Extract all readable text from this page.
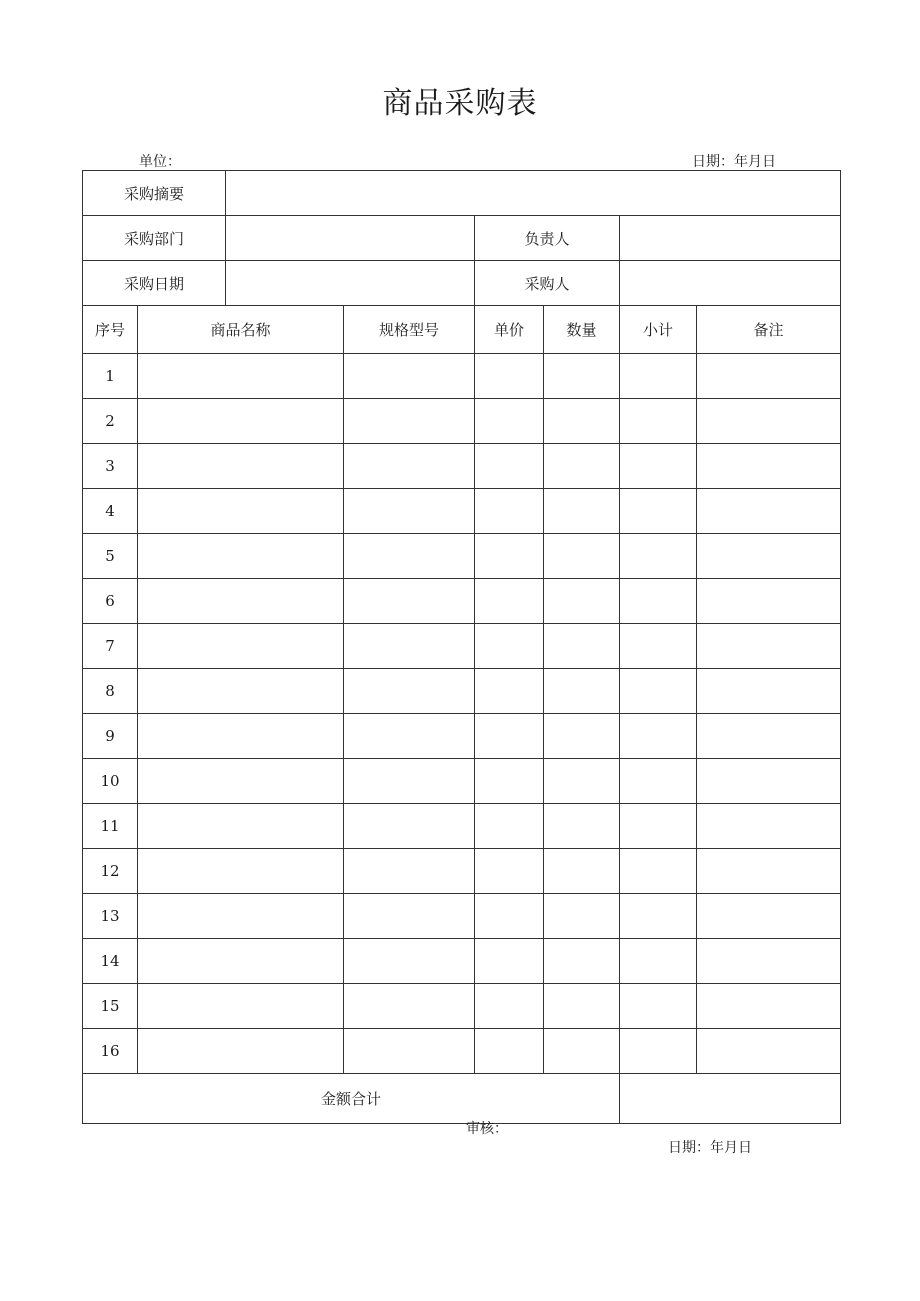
商品采购表
单位：	日期：年月日
采购摘要							
采购部门				负责人			
采购日期				采购人			
序号	商品名称		规格型号	单价	数量	小计	备注
1							
2							
3							
4							
5							
6							
7							
8							
9							
10							
11							
12							
13							
14							
15							
16							
金额合计							
审核：
日期：年月日
